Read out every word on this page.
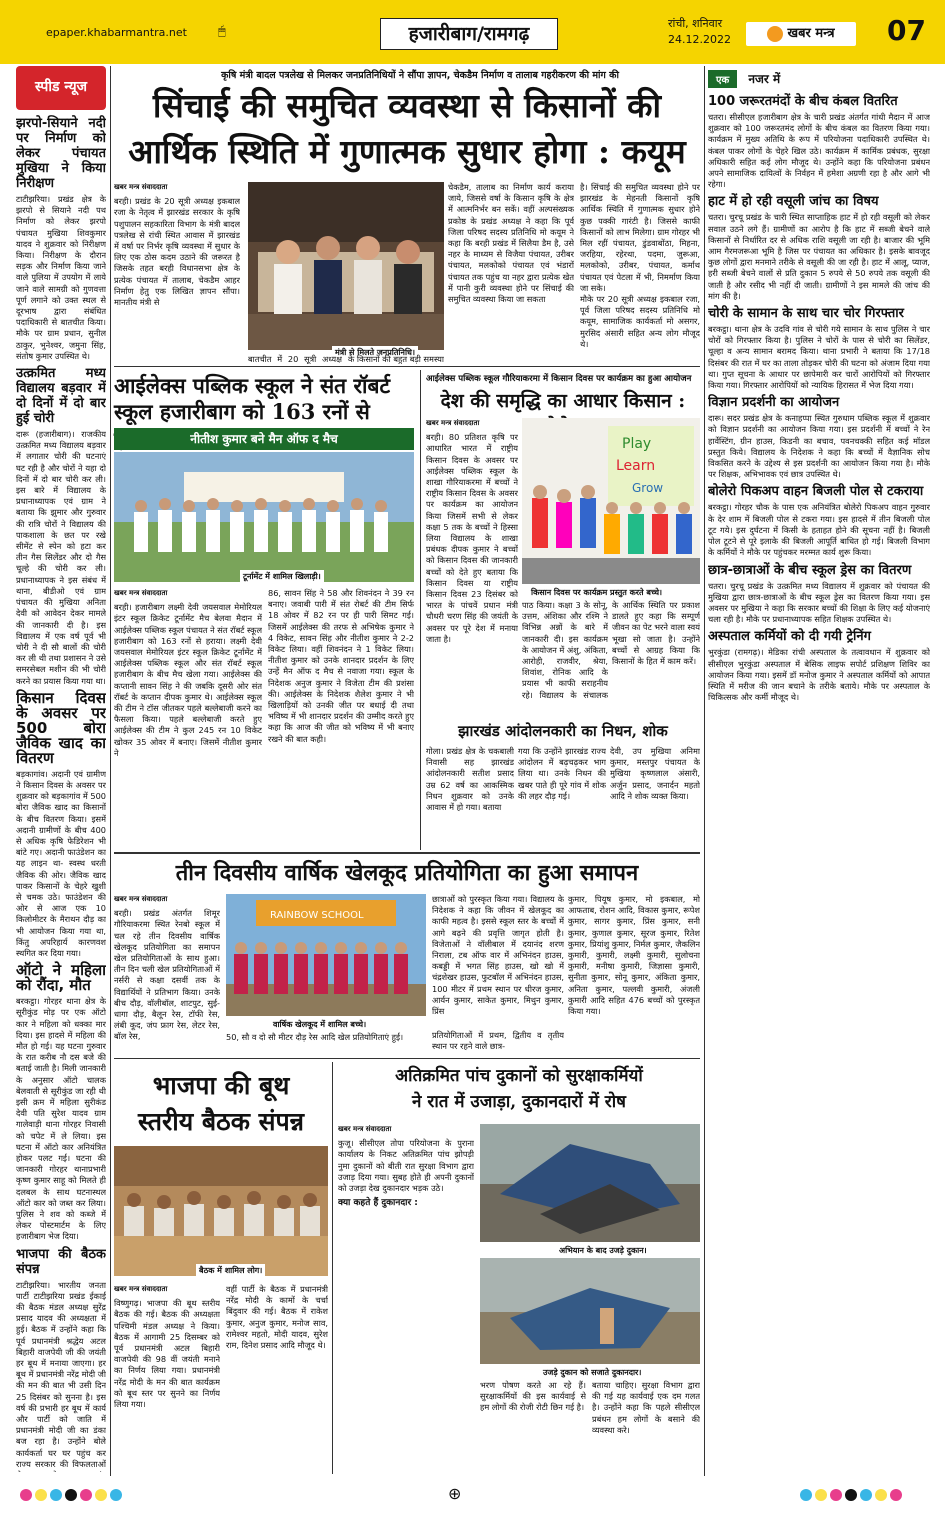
epaper.khabarmantra.net 🖱	हजारीबाग/रामगढ़	रांची, शनिवार
24.12.2022	खबर मन्त्र	07
स्पीड न्यूज
झरपो-सियाने नदी पर निर्माण को लेकर पंचायत मुखिया ने किया निरीक्षण
टाटीझरिया। प्रखंड क्षेत्र के झरपो से सियाने नदी पथ निर्माण को लेकर झरपो पंचायत मुखिया शिवकुमार यादव ने शुक्रवार को निरीक्षण किया। निरीक्षण के दौरान सड़क और निर्माण किया जाने वाले पुलिया में उपयोग में लाये जाने वाले सामग्री को गुणवत्ता पूर्ण लगाने को उक्त स्थल से दूरभाष द्वारा संबंधित पदाधिकारी से बातचीत किया। मौके पर ग्राम प्रधान, सुनील ठाकुर, भुनेश्वर, जमुना सिंह, संतोष कुमार उपस्थित थे।
उत्क्रमित मध्य विद्यालय बड़वार में दो दिनों में दो बार हुई चोरी
दारू (हजारीबाग)। राजकीय उत्क्रमित मध्य विद्यालय बड़वार में लगातार चोरी की घटनाएं घट रही है और चोरों ने यहा दो दिनों में दो बार चोरी कर ली। इस बारे में विद्यालय के प्रधानाध्यापक एवं ग्राम ने बताया कि झुमार और गुरुवार की रात्रि चोरों ने विद्यालय की पाकशाला के छत पर रखे सीमेंट से स्पेन को हटा कर तीन गैस सिलेंडर और दो गैस चूल्हे की चोरी कर ली। प्रधानाध्यापक ने इस संबंध में थाना, बीडीओ एवं ग्राम पंचायत की मुखिया अनिता देवी को आवेदन देकर मामले की जानकारी दी है। इस विद्यालय में एक वर्ष पूर्व भी चोरी ने दी सौ बालों की चोरी कर ली थी तथा प्रशासन ने उसे समरसेबल मशीन की भी चोरी करने का प्रयास किया गया था।
किसान दिवस के अवसर पर 500 बोरा जैविक खाद का वितरण
बड़कागांव। अदानी एवं ग्रामीण ने किसान दिवस के अवसर पर शुक्रवार को बड़कागांव में 500 बोरा जैविक खाद का किसानों के बीच वितरण किया। इसमें अदानी ग्रामीणों के बीच 400 से अधिक कृषि फेडिरेशन भी बांटे गए। अदानी फाउंडेशन का यह लाइन था- स्वस्थ धरती जैविक की ओर। जैविक खाद पाकर किसानों के चेहरे खुशी से चमक उठे। फाउंडेशन की ओर से आज एक 10 किलोमीटर के मैराथन दौड़ का भी आयोजन किया गया था, किंतु अपरिहार्य कारणवश स्थगित कर दिया गया।
ऑटो ने महिला को रौंदा, मौत
बरकट्ठा। गोरहर थाना क्षेत्र के सूरीकुंड मोड़ पर एक ऑटो कार ने महिला को धक्का मार दिया। इस हादसे में महिला की मौत हो गई। यह घटना गुरुवार के रात करीब नौ दस बजे की बताई जाती है। मिली जानकारी के अनुसार ऑटो चालक बेलवाती से सूरीकुंड जा रही थी इसी क्रम में महिला सुरीकंड देवी पति सुरेश यादव ग्राम गालेवाड़ी थाना गोरहर निवासी को चपेट में ले लिया। इस घटना में ऑटो कार अनियंत्रित होकर पलट गई। घटना की जानकारी गोरहर थानाप्रभारी कृष्ण कुमार साहू को मिलते ही दलबल के साथ घटनास्थल ऑटो कार को जब्त कर लिया। पुलिस ने शव को कब्जे में लेकर पोस्टमार्टम के लिए हजारीबाग भेज दिया।
भाजपा की बैठक संपन्न
टाटीझरिया। भारतीय जनता पार्टी टाटीझरिया प्रखंड ईकाई की बैठक मंडल अध्यक्ष सुरेंद्र प्रसाद यादव की अध्यक्षता में हुई। बैठक में उन्होंने कहा कि पूर्व प्रधानमंत्री श्रद्धेय अटल बिहारी वाजपेयी जी की जयंती हर बूथ में मनाया जाएगा। हर बूथ में प्रधानमंत्री नरेंद्र मोदी जी की मन की बात भी उसी दिन 25 दिसंबर को सुनना है। इस वर्ष की प्रभारी हर बूथ में कार्य और पार्टी को जाति में प्रधानमंत्री मोदी जी का डंका बज रहा है। उन्होंने बोले कार्यकर्ता घर घर पहुंच कर राज्य सरकार की विफलताओं
कृषि मंत्री बादल पत्रलेख से मिलकर जनप्रतिनिधियों ने सौंपा ज्ञापन, चेकडैम निर्माण व तालाब गहरीकरण की मांग की
सिंचाई की समुचित व्यवस्था से किसानों की
आर्थिक स्थिति में गुणात्मक सुधार होगा : कयूम
खबर मन्त्र संवाददाता
बरही। प्रखंड के 20 सूत्री अध्यक्ष इकबाल रजा के नेतृत्व में झारखंड सरकार के कृषि पशुपालन सहकारिता विभाग के मंत्री बादल पत्रलेख से रांची स्थित आवास में झारखंड में वर्षा पर निर्भर कृषि व्यवस्था में सुधार के लिए एक ठोस कदम उठाने की जरूरत है जिसके तहत बरही विधानसभा क्षेत्र के प्रत्येक पंचायत में तालाब, चेकडैम आहर निर्माण हेतु एक लिखित ज्ञापन सौंपा। मानतीय मंत्री से
मंत्री से मिलते जनप्रतिनिधि।
बातचीत में 20 सूत्री अध्यक्ष के किसानों की बहुत बड़ी समस्या
चेकडैम, तालाब का निर्माण कार्य कराया जाये, जिससे वर्षा के किसान कृषि के क्षेत्र में आत्मनिर्भर बन सकें। वहीं अल्पसंख्यक प्रकोष्ठ के प्रखंड अध्यक्ष ने कहा कि पूर्व जिला परिषद सदस्य प्रतिनिधि मो कयूम ने कहा कि बरही प्रखंड में सिलैया डैम है, उसे नहर के माध्यम से विजैया पंचायत, उरीबर पंचायत, मलकोको पंचायत एवं भंडारों पंचायत तक पहुंच या नहर द्वारा प्रत्येक खेत में पानी कुरी व्यवस्था होने पर सिंचाई की समुचित व्यवस्था किया जा सकता
है। सिंचाई की समुचित व्यवस्था होने पर झारखंड के मेहनती किसानों कृषि आर्थिक स्थिति में गुणात्मक सुधार होने कुछ पक्की गारंटी है। जिससे काफी किसानों को लाभ मिलेगा। ग्राम गोरहर भी मिल रहीं पंचायत, डुंडवाबोंठा, मिहना, जरहिया, रहेरथा, पदमा, जुरूआ, मलकोको, उरीबर, पंचायत, कर्माथ पंचायत एवं पेटला में भी, निमर्माण किया जा सके।
मौके पर 20 सूत्री अध्यक्ष इकबाल रजा, पूर्व जिला परिषद सदस्य प्रतिनिधि मो कयूम, सामाजिक कार्यकर्ता मो असगर, मुरसिद अंसारी सहित अन्य लोग मौजूद थे।
आईलेक्स पब्लिक स्कूल ने संत रॉबर्ट
स्कूल हजारीबाग को 163 रनों से
नीतीश कुमार बने मैन ऑफ द मैच
टूर्नामेंट में शामिल खिलाड़ी।
खबर मन्त्र संवाददाता
बरही। हजारीबाग लक्ष्मी देवी जयसवाल मेमोरियल इंटर स्कूल क्रिकेट टूर्नामेंट मैच बेलवा मैदान में आईलेक्स पब्लिक स्कूल पंचायत ने संत रॉबर्ट स्कूल हजारीबाग को 163 रनों से हराया। लक्ष्मी देवी जयसवाल मेमोरियल इंटर स्कूल क्रिकेट टूर्नामेंट में आईलेक्स पब्लिक स्कूल और संत रॉबर्ट स्कूल हजारीबाग के बीच मैच खेला गया। आईलेक्स की कप्तानी सावन सिंह ने की जबकि दूसरी ओर संत रॉबर्ट के कप्तान दीपक कुमार थे। आईलेक्स स्कूल की टीम ने टॉस जीतकर पहले बल्लेबाजी करने का फैसला किया। पहले बल्लेबाजी करते हुए आईलेक्स की टीम ने कुल 245 रन 10 विकेट खोकर 35 ओवर में बनाए। जिसमें नीतीश कुमार ने
86, सावन सिंह ने 58 और शिवनंदन ने 39 रन बनाए। जवाबी पारी में संत रोबर्ट की टीम सिर्फ 18 ओवर में 82 रन पर ही पारी सिमट गई। जिसमें आईलेक्स की तरफ से अभिषेक कुमार ने 4 विकेट, सावन सिंह और नीतीश कुमार ने 2-2 विकेट लिया। वहीं शिवनंदन ने 1 विकेट लिया। नीतीश कुमार को उनके शानदार प्रदर्शन के लिए उन्हें मैन ऑफ द मैच से नवाजा गया। स्कूल के निदेशक अनुज कुमार ने विजेता टीम की प्रशंसा की। आईलेक्स के निदेशक शैलेश कुमार ने भी खिलाड़ियों को उनकी जीत पर बधाई दी तथा भविष्य में भी शानदार प्रदर्शन की उम्मीद करते हुए कहा कि आज की जीत को भविष्य में भी बनाए रखने की बात कही।
आईलेक्स पब्लिक स्कूल गौरियाकरमा में किसान दिवस पर कार्यक्रम का हुआ आयोजन
देश की समृद्धि का आधार किसान :
खबर मन्त्र संवाददाता
बरही। 80 प्रतिशत कृषि पर आधारित भारत में राष्ट्रीय किसान दिवस के अवसर पर आईलेक्स पब्लिक स्कूल के शाखा गौरियाकरमा में बच्चों ने राष्ट्रीय किसान दिवस के अवसर पर कार्यक्रम का आयोजन किया जिसमें सभी से लेकर कक्षा 5 तक के बच्चों ने हिस्सा लिया विद्यालय के शाखा प्रबंधक दीपक कुमार ने बच्चों को किसान दिवस की जानकारी बच्चों को देते हुए बताया कि किसान दिवस या राष्ट्रीय किसान दिवस 23 दिसंबर को भारत के पांचवें प्रधान मंत्री चौधरी चरण सिंह की जयंती के अवसर पर पूरे देश में मनाया जाता है।
Play
Learn
Grow
किसान दिवस पर कार्यक्रम प्रस्तुत करते बच्चे।
पाठ किया। कक्षा 3 के सोनू, उत्तम, अंशिका और रश्मि ने विभिन्न अन्नों के बारे में जानकारी दी। इस कार्यक्रम के आयोजन में अंशु, अंकिता, आरोही, राजवीर, श्रेया, शिवांश, रोनिक आदि के प्रयास भी काफी सराहनीय रहे। विद्यालय के संचालक
के आर्थिक स्थिति पर प्रकाश डालते हुए कहा कि सम्पूर्ण जीवन का पेट भरने वाला स्वयं भूखा सो जाता है। उन्होंने बच्चों से आग्रह किया कि किसानों के हित में काम करें।
झारखंड आंदोलनकारी का निधन, शोक
गोला। प्रखंड क्षेत्र के चकबाली निवासी सह झारखंड आंदोलनकारी सतीश प्रसाद उम्र 62 वर्ष का आकस्मिक निधन शुक्रवार को उनके आवास में हो गया। बताया
गया कि उन्होंने झारखंड राज्य आंदोलन में बढ़चढ़कर भाग लिया था। उनके निधन की खबर पाते ही पूरे गांव में शोक की लहर दौड़ गई।
देवी, उप मुखिया अनिमा कुमार, मस्तपुर पंचायत के मुखिया कृष्णलाल अंसारी, अर्जुन प्रसाद, जनार्दन महतो आदि ने शोक व्यक्त किया।
तीन दिवसीय वार्षिक खेलकूद प्रतियोगिता का हुआ समापन
खबर मन्त्र संवाददाता
बरही। प्रखंड अंतर्गत शिमूर गौरियाकरमा स्थित रेनबो स्कूल में चल रहे तीन दिवसीय वार्षिक खेलकूद प्रतियोगिता का समापन खेल प्रतियोगिताओं के साथ हुआ। तीन दिन चली खेल प्रतियोगिताओं में नर्सरी से कक्षा दसवीं तक के विद्यार्थियों ने प्रतिभाग किया। उनके बीच दौड़, वॉलीबॉल, शाटपुट, सुई-धागा दौड़, बैलून रेस, टॉफी रेस, लंबी कूद, जंप फ्राग रेस, लेटर रेस, बॉल रेस,
RAINBOW SCHOOL
वार्षिक खेलकूद में शामिल बच्चे।
50, सौ व दो सौ मीटर दौड़ रेस आदि खेल प्रतियोगिताएं हुई।
छात्राओं को पुरस्कृत किया गया। विद्यालय के निदेशक ने कहा कि जीवन में खेलकूद का काफी महत्व है। इससे स्कूल स्तर के बच्चों में आगे बढ़ने की प्रवृत्ति जागृत होती है। विजेताओं ने वॉलीबाल में दयानंद शरण निराला, टब ऑफ वार में अभिनंदन हाउस, कबड्डी में भगत सिंह हाउस, खो खो में चंद्रशेखर हाउस, फुटबॉल में अभिनंदन हाउस, 100 मीटर में प्रथम स्थान पर धीरज कुमार, आर्यन कुमार, साकेत कुमार, मिथुन कुमार, प्रिंस
कुमार, पियूष कुमार, मो इकबाल, मो आफताब, रोशन आदि, विकास कुमार, रूपेश कुमार, सागर कुमार, प्रिंस कुमार, सनी कुमार, कुणाल कुमार, सूरज कुमार, रितेश कुमार, प्रियांशु कुमार, निर्मल कुमार, जैकलिन कुमारी, कुमारी, लक्ष्मी कुमारी, सुलोचना कुमारी, मनीषा कुमारी, जिज्ञासा कुमारी, सुनीता कुमार, सोनू कुमार, अंकिता कुमार, अनिता कुमार, पल्लवी कुमारी, अंजली कुमारी आदि सहित 476 बच्चों को पुरस्कृत किया गया।
प्रतियोगिताओं में प्रथम, द्वितीय व तृतीय स्थान पर रहने वाले छात्र-
भाजपा की बूथ
स्तरीय बैठक संपन्न
बैठक में शामिल लोग।
खबर मन्त्र संवाददाता
विष्णुगढ़। भाजपा की बूथ स्तरीय बैठक की गई। बैठक की अध्यक्षता पश्चिमी मंडल अध्यक्ष ने किया। बैठक में आगामी 25 दिसम्बर को पूर्व प्रधानमंत्री अटल बिहारी वाजपेयी की 98 वीं जयंती मनाने का निर्णय लिया गया। प्रधानमंत्री नरेंद्र मोदी के मन की बात कार्यक्रम को बूथ स्तर पर सुनने का निर्णय लिया गया।
वहीं पार्टी के बैठक में प्रधानमंत्री नरेंद्र मोदी के कामों के चर्चा बिंदुवार की गई। बैठक में राकेश कुमार, अनुज कुमार, मनोज साव, रामेश्वर महतो, मोदी यादव, सुरेश राम, दिनेश प्रसाद आदि मौजूद थे।
अतिक्रमित पांच दुकानों को सुरक्षाकर्मियों
ने रात में उजाड़ा, दुकानदारों में रोष
खबर मन्त्र संवाददाता
कुजू। सीसीएल तोपा परियोजना के पुराना कार्यालय के निकट अतिक्रमित पांच झोपड़ी नुमा दुकानों को बीती रात सुरक्षा विभाग द्वारा उजाड़ दिया गया। सुबह होते ही अपनी दुकानों को उजड़ा देख दुकानदार भड़क उठे।
क्या कहते हैं दुकानदार :
अभियान के बाद उजड़े दुकान।
उजड़े दुकान को सजाते दुकानदार।
भरण पोषण करते आ रहे हैं। सुरक्षाकर्मियों की इस कार्यवाई से हम लोगों की रोजी रोटी छिन गई है।
बताया चाहिए। सुरक्षा विभाग द्वारा की गई यह कार्यवाई एक दम गलत है। उन्होंने कहा कि पहले सीसीएल प्रबंधन हम लोगों के बसाने की व्यवस्था करे।
एक नजर में
100 जरूरतमंदों के बीच कंबल वितरित
चतरा। सीसीएल हजारीबाग क्षेत्र के चारी प्रखंड अंतर्गत गांधी मैदान में आज शुक्रवार को 100 जरूरतमंद लोगों के बीच कंबल का वितरण किया गया। कार्यक्रम में मुख्य अतिथि के रूप में परियोजना पदाधिकारी उपस्थित थे। कंबल पाकर लोगों के चेहरे खिल उठे। कार्यक्रम में कार्मिक प्रबंधक, सुरक्षा अधिकारी सहित कई लोग मौजूद थे। उन्होंने कहा कि परियोजना प्रबंधन अपने सामाजिक दायित्वों के निर्वहन में हमेशा अग्रणी रहा है और आगे भी रहेगा।
हाट में हो रही वसूली जांच का विषय
चतरा। चुरचू प्रखंड के चारी स्थित साप्ताहिक हाट में हो रही वसूली को लेकर सवाल उठने लगे हैं। ग्रामीणों का आरोप है कि हाट में सब्जी बेचने वाले किसानों से निर्धारित दर से अधिक राशि वसूली जा रही है। बाजार की भूमि आम गैरमजरूआ भूमि है जिस पर पंचायत का अधिकार है। इसके बावजूद कुछ लोगों द्वारा मनमाने तरीके से वसूली की जा रही है। हाट में आलू, प्याज, हरी सब्जी बेचने वालों से प्रति दुकान 5 रुपये से 50 रुपये तक वसूली की जाती है और रसीद भी नहीं दी जाती। ग्रामीणों ने इस मामले की जांच की मांग की है।
चोरी के सामान के साथ चार चोर गिरफ्तार
बरकट्ठा। थाना क्षेत्र के उदवि गांव से चोरी गये सामान के साथ पुलिस ने चार चोरों को गिरफ्तार किया है। पुलिस ने चोरों के पास से चोरी का सिलेंडर, चूल्हा व अन्य सामान बरामद किया। थाना प्रभारी ने बताया कि 17/18 दिसंबर की रात में घर का ताला तोड़कर चोरी की घटना को अंजाम दिया गया था। गुप्त सूचना के आधार पर छापेमारी कर चारों आरोपियों को गिरफ्तार किया गया। गिरफ्तार आरोपियों को न्यायिक हिरासत में भेज दिया गया।
विज्ञान प्रदर्शनी का आयोजन
दारू। सदर प्रखंड क्षेत्र के कनाहप्पा स्थित गुरुधाम पब्लिक स्कूल में शुक्रवार को विज्ञान प्रदर्शनी का आयोजन किया गया। इस प्रदर्शनी में बच्चों ने रेन हार्वेस्टिंग, ग्रीन हाउस, किडनी का बचाव, पवनचक्की सहित कई मॉडल प्रस्तुत किये। विद्यालय के निदेशक ने कहा कि बच्चों में वैज्ञानिक सोच विकसित करने के उद्देश्य से इस प्रदर्शनी का आयोजन किया गया है। मौके पर शिक्षक, अभिभावक एवं छात्र उपस्थित थे।
बोलेरो पिकअप वाहन बिजली पोल से टकराया
बरकट्ठा। गोरहर चौक के पास एक अनियंत्रित बोलेरो पिकअप वाहन गुरुवार के देर शाम में बिजली पोल से टकरा गया। इस हादसे में तीन बिजली पोल टूट गये। इस दुर्घटना में किसी के हताहत होने की सूचना नहीं है। बिजली पोल टूटने से पूरे इलाके की बिजली आपूर्ति बाधित हो गई। बिजली विभाग के कर्मियों ने मौके पर पहुंचकर मरम्मत कार्य शुरू किया।
छात्र-छात्राओं के बीच स्कूल ड्रेस का वितरण
चतरा। चुरचू प्रखंड के उत्क्रमित मध्य विद्यालय में शुक्रवार को पंचायत की मुखिया द्वारा छात्र-छात्राओं के बीच स्कूल ड्रेस का वितरण किया गया। इस अवसर पर मुखिया ने कहा कि सरकार बच्चों की शिक्षा के लिए कई योजनाएं चला रही है। मौके पर प्रधानाध्यापक सहित शिक्षक उपस्थित थे।
अस्पताल कर्मियों को दी गयी ट्रेनिंग
भुरकुंडा (रामगढ़)। मेडिका रांची अस्पताल के तत्वावधान में शुक्रवार को सीसीएल भुरकुंडा अस्पताल में बेसिक लाइफ सपोर्ट प्रशिक्षण शिविर का आयोजन किया गया। इसमें डॉ मनोज कुमार ने अस्पताल कर्मियों को आपात स्थिति में मरीज की जान बचाने के तरीके बताये। मौके पर अस्पताल के चिकित्सक और कर्मी मौजूद थे।
⊕
